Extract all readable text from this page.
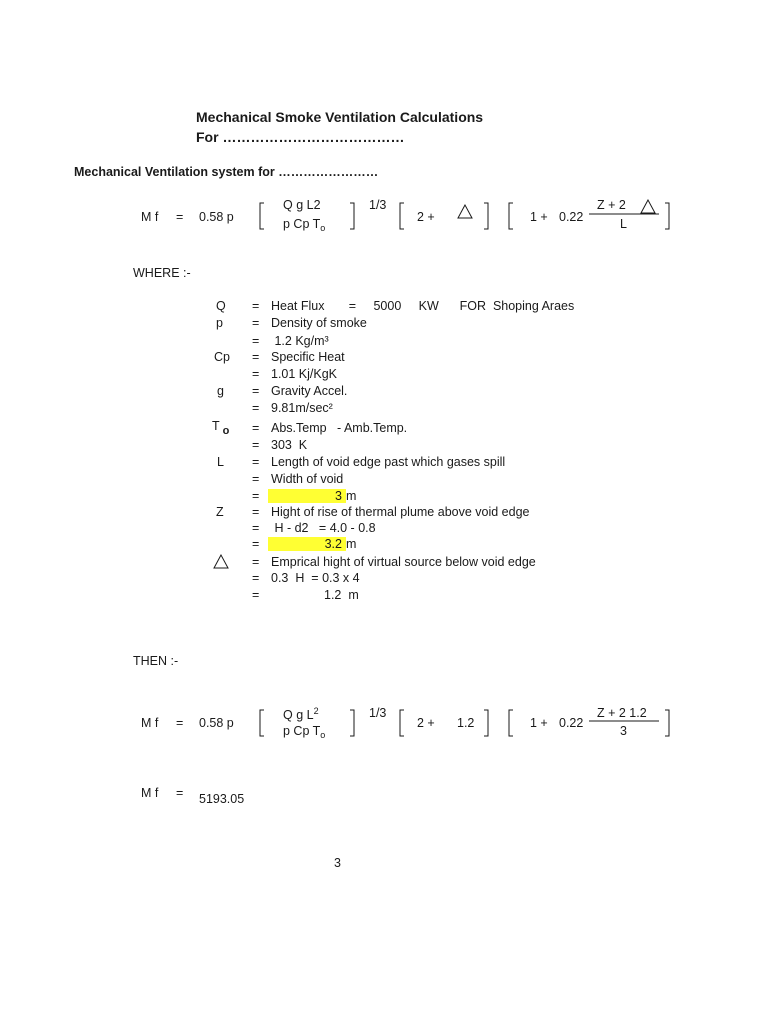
Mechanical Smoke Ventilation Calculations
For …………………………………
Mechanical Ventilation system for ……………………
M f = 0.58 p
Q g L2
p Cp $T_o$
1/3
2 +	1 + 0.22
Z + 2
L
M f = 0.58 p
Q g $L^2$
p Cp $T_o$
1/3
2 + 1.2	1 + 0.22
Z + 2 1.2
3
WHERE :-
Q = Heat Flux       =     5000     KW      FOR  Shoping Araes
p = Density of smoke
= 1.2 Kg/m³
Cp = Specific Heat
= 1.01 Kj/KgK
g = Gravity Accel.
= 9.81m/sec²
T o = Abs.Temp   - Amb.Temp.
= 303  K
L = Length of void edge past which gases spill
= Width of void
=	3 m
Z = Hight of rise of thermal plume above void edge
= H - d2   = 4.0 - 0.8
=	3.2 m
= Emprical hight of virtual source below void edge
= 0.3  H  = 0.3 x 4
=	1.2  m
THEN :-
M f = 5193.05
3
